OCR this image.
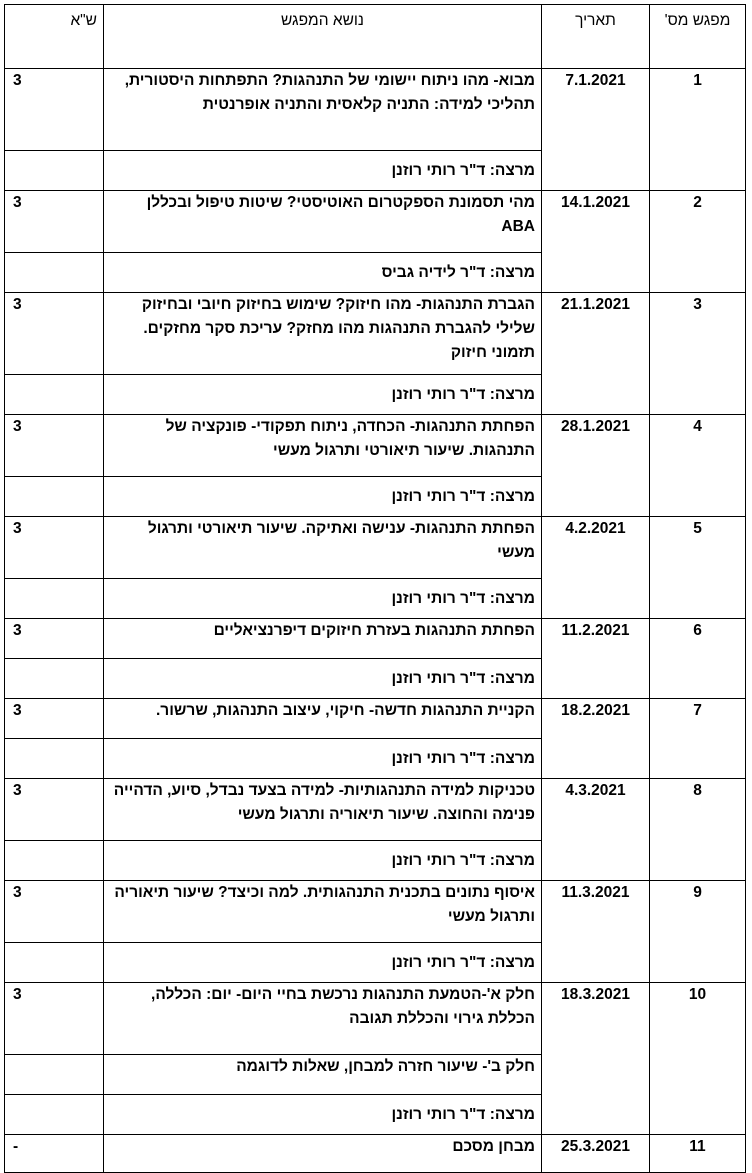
מפגש מס'	תאריך	נושא המפגש	ש"א
1	7.1.2021	מבוא- מהו ניתוח יישומי של התנהגות? התפתחות היסטורית, תהליכי למידה: התניה קלאסית והתניה אופרנטית	3
		מרצה: ד"ר רותי רוזנן	
2	14.1.2021	מהי תסמונת הספקטרום האוטיסטי? שיטות טיפול ובכללן ABA	3
		מרצה: ד"ר לידיה גביס	
3	21.1.2021	הגברת התנהגות- מהו חיזוק? שימוש בחיזוק חיובי ובחיזוק שלילי להגברת התנהגות מהו מחזק? עריכת סקר מחזקים. תזמוני חיזוק	3
		מרצה: ד"ר רותי רוזנן	
4	28.1.2021	הפחתת התנהגות- הכחדה, ניתוח תפקודי- פונקציה של התנהגות. שיעור תיאורטי ותרגול מעשי	3
		מרצה: ד"ר רותי רוזנן	
5	4.2.2021	הפחתת התנהגות- ענישה ואתיקה. שיעור תיאורטי ותרגול מעשי	3
		מרצה: ד"ר רותי רוזנן	
6	11.2.2021	הפחתת התנהגות בעזרת חיזוקים דיפרנציאליים	3
		מרצה: ד"ר רותי רוזנן	
7	18.2.2021	הקניית התנהגות חדשה- חיקוי, עיצוב התנהגות, שרשור.	3
		מרצה: ד"ר רותי רוזנן	
8	4.3.2021	טכניקות למידה התנהגותיות- למידה בצעד נבדל, סיוע, הדהייה פנימה והחוצה. שיעור תיאוריה ותרגול מעשי	3
		מרצה: ד"ר רותי רוזנן	
9	11.3.2021	איסוף נתונים בתכנית התנהגותית. למה וכיצד? שיעור תיאוריה ותרגול מעשי	3
		מרצה: ד"ר רותי רוזנן	
10	18.3.2021	חלק א'-הטמעת התנהגות נרכשת בחיי היום- יום: הכללה, הכללת גירוי והכללת תגובה	3
		חלק ב'- שיעור חזרה למבחן, שאלות לדוגמה	
		מרצה: ד"ר רותי רוזנן	
11	25.3.2021	מבחן מסכם	-
